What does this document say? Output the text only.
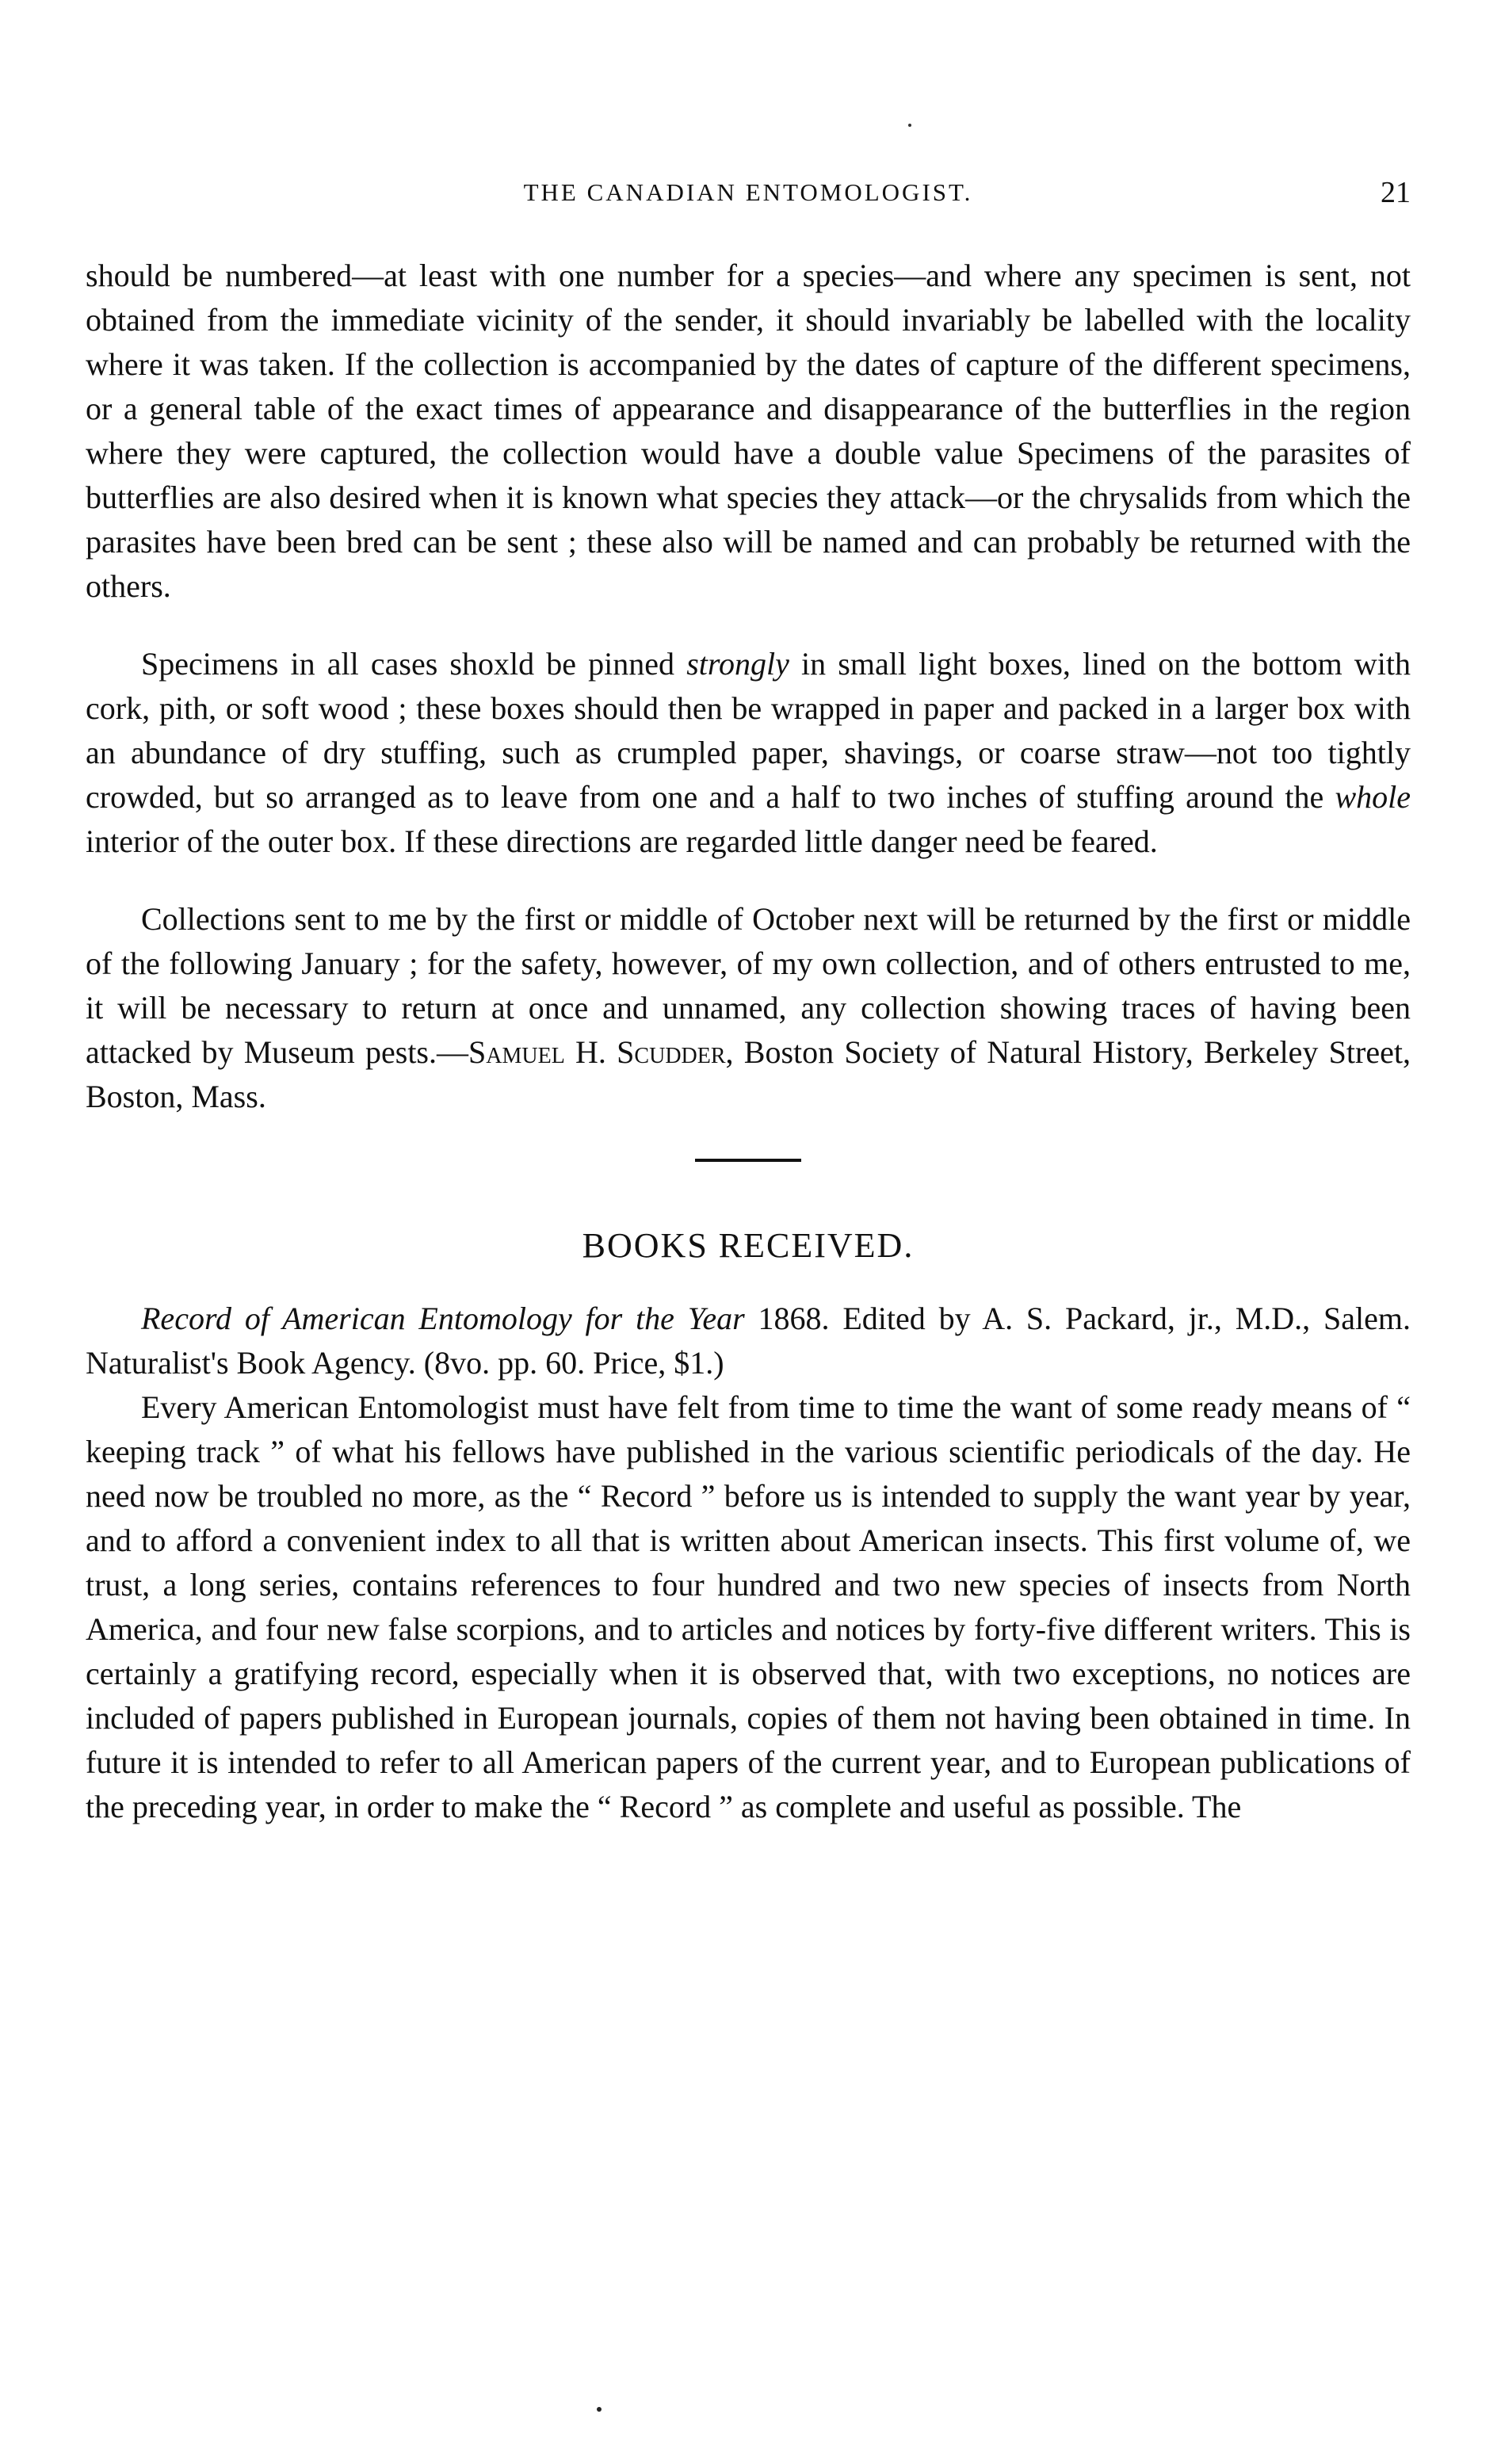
THE CANADIAN ENTOMOLOGIST.	21

should be numbered—at least with one number for a species—and where any specimen is sent, not obtained from the immediate vicinity of the sender, it should invariably be labelled with the locality where it was taken. If the collection is accompanied by the dates of capture of the different specimens, or a general table of the exact times of appearance and disappearance of the butterflies in the region where they were captured, the collection would have a double value Specimens of the parasites of butterflies are also desired when it is known what species they attack—or the chrysalids from which the parasites have been bred can be sent ; these also will be named and can probably be returned with the others.

Specimens in all cases shoxld be pinned strongly in small light boxes, lined on the bottom with cork, pith, or soft wood ; these boxes should then be wrapped in paper and packed in a larger box with an abundance of dry stuffing, such as crumpled paper, shavings, or coarse straw—not too tightly crowded, but so arranged as to leave from one and a half to two inches of stuffing around the whole interior of the outer box. If these directions are regarded little danger need be feared.

Collections sent to me by the first or middle of October next will be returned by the first or middle of the following January ; for the safety, however, of my own collection, and of others entrusted to me, it will be necessary to return at once and unnamed, any collection showing traces of having been attacked by Museum pests.—Samuel H. Scudder, Boston Society of Natural History, Berkeley Street, Boston, Mass.

BOOKS RECEIVED.

Record of American Entomology for the Year 1868. Edited by A. S. Packard, jr., M.D., Salem. Naturalist's Book Agency. (8vo. pp. 60. Price, $1.)

Every American Entomologist must have felt from time to time the want of some ready means of “ keeping track ” of what his fellows have published in the various scientific periodicals of the day. He need now be troubled no more, as the “ Record ” before us is intended to supply the want year by year, and to afford a convenient index to all that is written about American insects. This first volume of, we trust, a long series, contains references to four hundred and two new species of insects from North America, and four new false scorpions, and to articles and notices by forty-five different writers. This is certainly a gratifying record, especially when it is observed that, with two exceptions, no notices are included of papers published in European journals, copies of them not having been obtained in time. In future it is intended to refer to all American papers of the current year, and to European publications of the preceding year, in order to make the “ Record ” as complete and useful as possible. The
